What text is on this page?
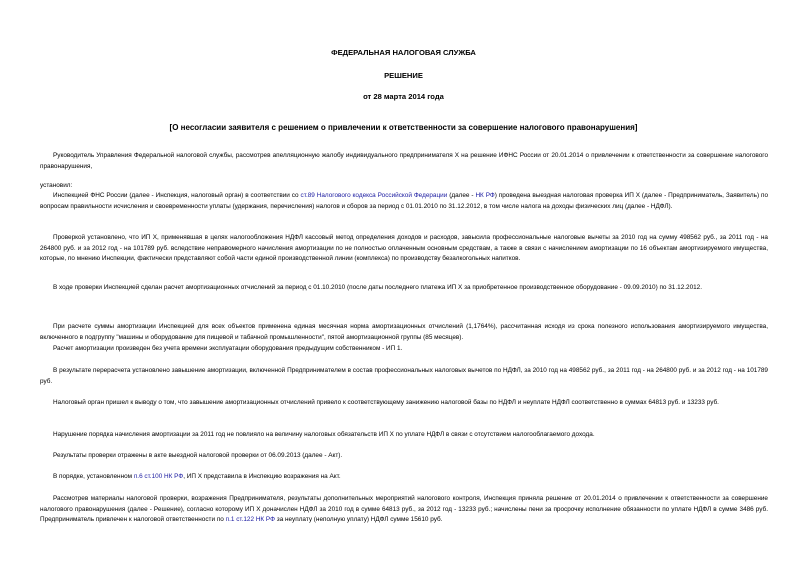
ФЕДЕРАЛЬНАЯ НАЛОГОВАЯ СЛУЖБА
РЕШЕНИЕ
от 28 марта 2014 года
[О несогласии заявителя с решением о привлечении к ответственности за совершение налогового правонарушения]
Руководитель Управления Федеральной налоговой службы, рассмотрев апелляционную жалобу индивидуального предпринимателя Х на решение ИФНС России от 20.01.2014 о привлечении к ответственности за совершение налогового правонарушения,
установил:
Инспекцией ФНС России (далее - Инспекция, налоговый орган) в соответствии со ст.89 Налогового кодекса Российской Федерации (далее - НК РФ) проведена выездная налоговая проверка ИП Х (далее - Предприниматель, Заявитель) по вопросам правильности исчисления и своевременности уплаты (удержания, перечисления) налогов и сборов за период с 01.01.2010 по 31.12.2012, в том числе налога на доходы физических лиц (далее - НДФЛ).
Проверкой установлено, что ИП Х, применявшая в целях налогообложения НДФЛ кассовый метод определения доходов и расходов, завысила профессиональные налоговые вычеты за 2010 год на сумму 498562 руб., за 2011 год - на 264800 руб. и за 2012 год - на 101789 руб. вследствие неправомерного начисления амортизации по не полностью оплаченным основным средствам, а также в связи с начислением амортизации по 16 объектам амортизируемого имущества, которые, по мнению Инспекции, фактически представляют собой части единой производственной линии (комплекса) по производству безалкогольных напитков.
В ходе проверки Инспекцией сделан расчет амортизационных отчислений за период с 01.10.2010 (после даты последнего платежа ИП Х за приобретенное производственное оборудование - 09.09.2010) по 31.12.2012.
При расчете суммы амортизации Инспекцией для всех объектов применена единая месячная норма амортизационных отчислений (1,1764%), рассчитанная исходя из срока полезного использования амортизируемого имущества, включенного в подгруппу "машины и оборудование для пищевой и табачной промышленности", пятой амортизационной группы (85 месяцев).
Расчет амортизации произведен без учета времени эксплуатации оборудования предыдущим собственником - ИП 1.
В результате перерасчета установлено завышение амортизации, включенной Предпринимателем в состав профессиональных налоговых вычетов по НДФЛ, за 2010 год на 498562 руб., за 2011 год - на 264800 руб. и за 2012 год - на 101789 руб.
Налоговый орган пришел к выводу о том, что завышение амортизационных отчислений привело к соответствующему занижению налоговой базы по НДФЛ и неуплате НДФЛ соответственно в суммах 64813 руб. и 13233 руб.
Нарушение порядка начисления амортизации за 2011 год не повлияло на величину налоговых обязательств ИП Х по уплате НДФЛ в связи с отсутствием налогооблагаемого дохода.
Результаты проверки отражены в акте выездной налоговой проверки от 06.09.2013 (далее - Акт).
В порядке, установленном п.6 ст.100 НК РФ, ИП Х представила в Инспекцию возражения на Акт.
Рассмотрев материалы налоговой проверки, возражения Предпринимателя, результаты дополнительных мероприятий налогового контроля, Инспекция приняла решение от 20.01.2014 о привлечении к ответственности за совершение налогового правонарушения (далее - Решение), согласно которому ИП Х доначислен НДФЛ за 2010 год в сумме 64813 руб., за 2012 год - 13233 руб.; начислены пени за просрочку исполнение обязанности по уплате НДФЛ в сумме 3486 руб. Предприниматель привлечен к налоговой ответственности по п.1 ст.122 НК РФ за неуплату (неполную уплату) НДФЛ сумме 15610 руб.
